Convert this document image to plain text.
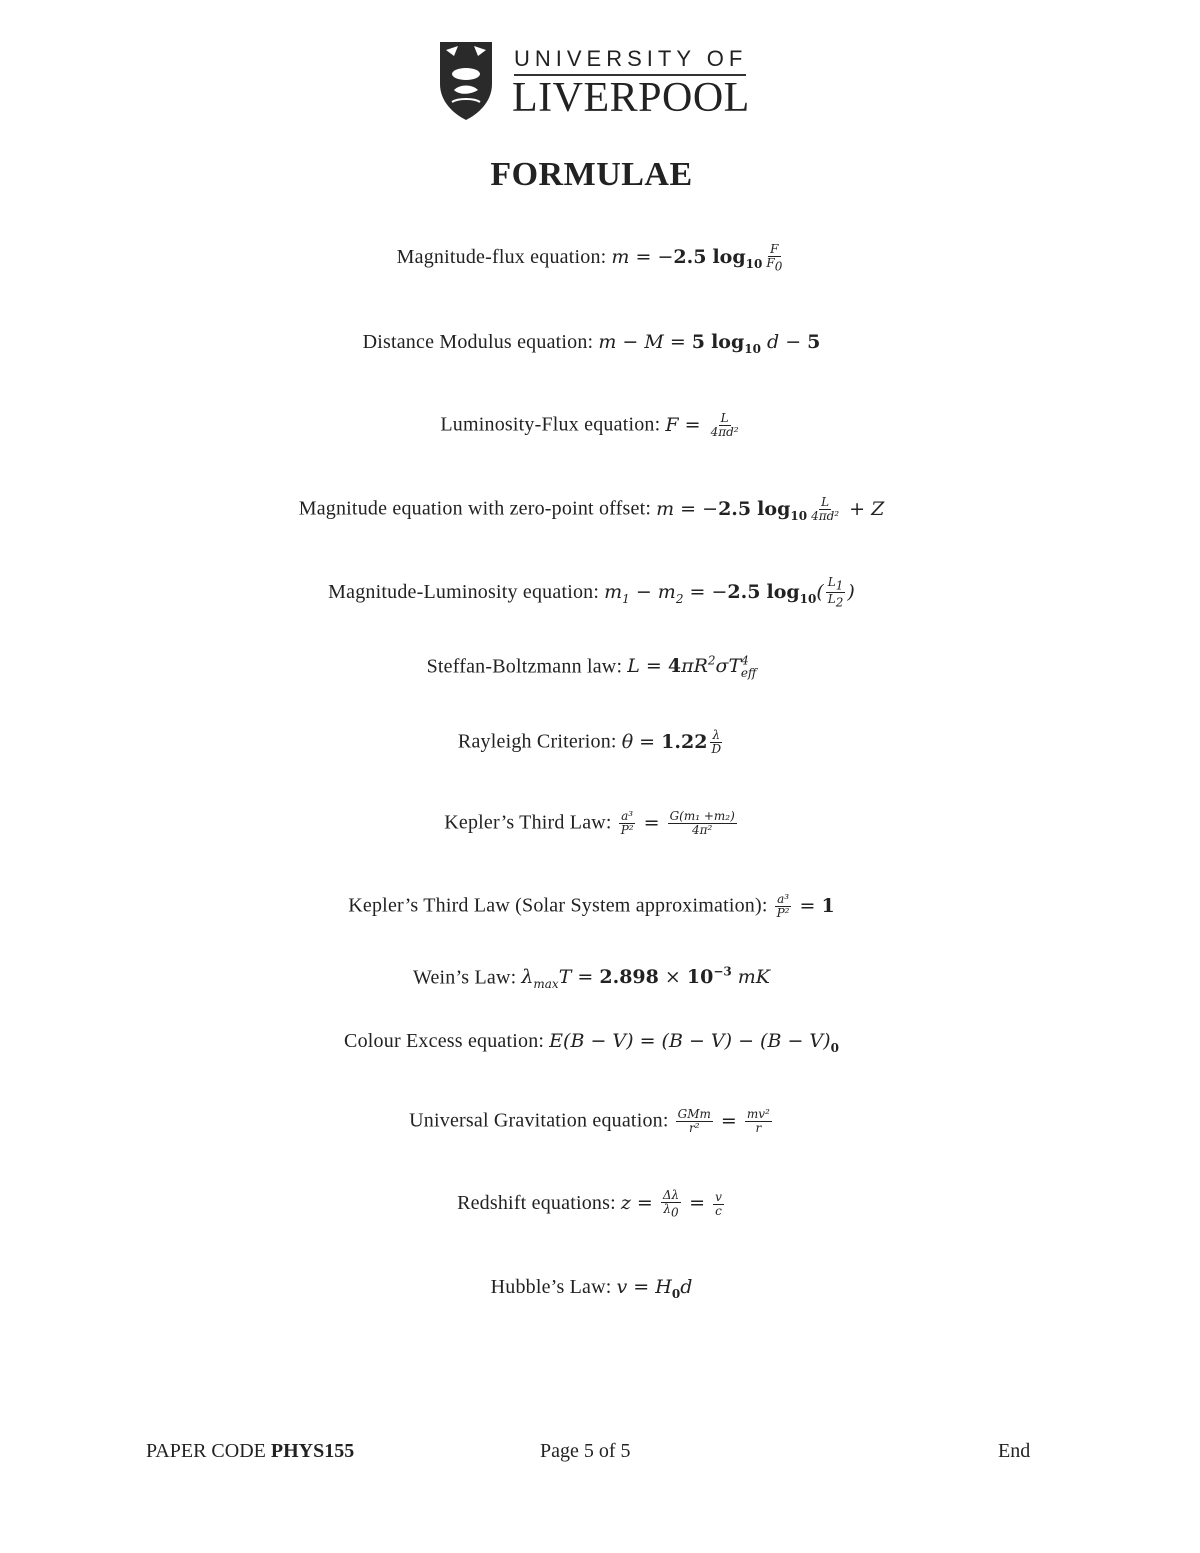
UNIVERSITY OF
LIVERPOOL
FORMULAE
Magnitude-flux equation: m = −2.5 $\log_{10} \frac{F}{F_0}$
Distance Modulus equation: m − M = 5 $\log_{10} d - 5$
Luminosity-Flux equation: $F = \frac{L}{\text{4πd²}}$
Magnitude equation with zero-point offset: m = −2.5 $\log_{10} \frac{L}{\text{4πd²}} + Z$
Magnitude-Luminosity equation: $m_1 - m_2 = -2.5$ $\log_{10}( \frac{L_1}{L_2}$ )
Steffan-Boltzmann law: $L = 4\pi R^2\sigma T^4_{eff}$
Rayleigh Criterion: $\theta = 1.22 \frac{\lambda}{D}$
Kepler’s Third Law: $\frac{\text{a³}}{\text{P²}} = \frac{\text{G(m₁ +m₂)}}{\text{4π²}}$
Kepler’s Third Law (Solar System approximation): $\frac{\text{a³}}{\text{P²}} = 1$
Wein’s Law: $\lambda_{max}T = 2.898 \times 10^{-3}$ mK
Colour Excess equation: $E(B - V) = (B - V) - (B - V)_0$
Universal Gravitation equation: $\frac{\text{GMm}}{\text{r²}} = \frac{\text{mv²}}{r}$
Redshift equations: $z = \frac{\Delta\lambda}{\lambda_0} = \frac{v}{c}$
Hubble’s Law: $v = H_0d$
PAPER CODE PHYS155	Page 5 of 5	End
